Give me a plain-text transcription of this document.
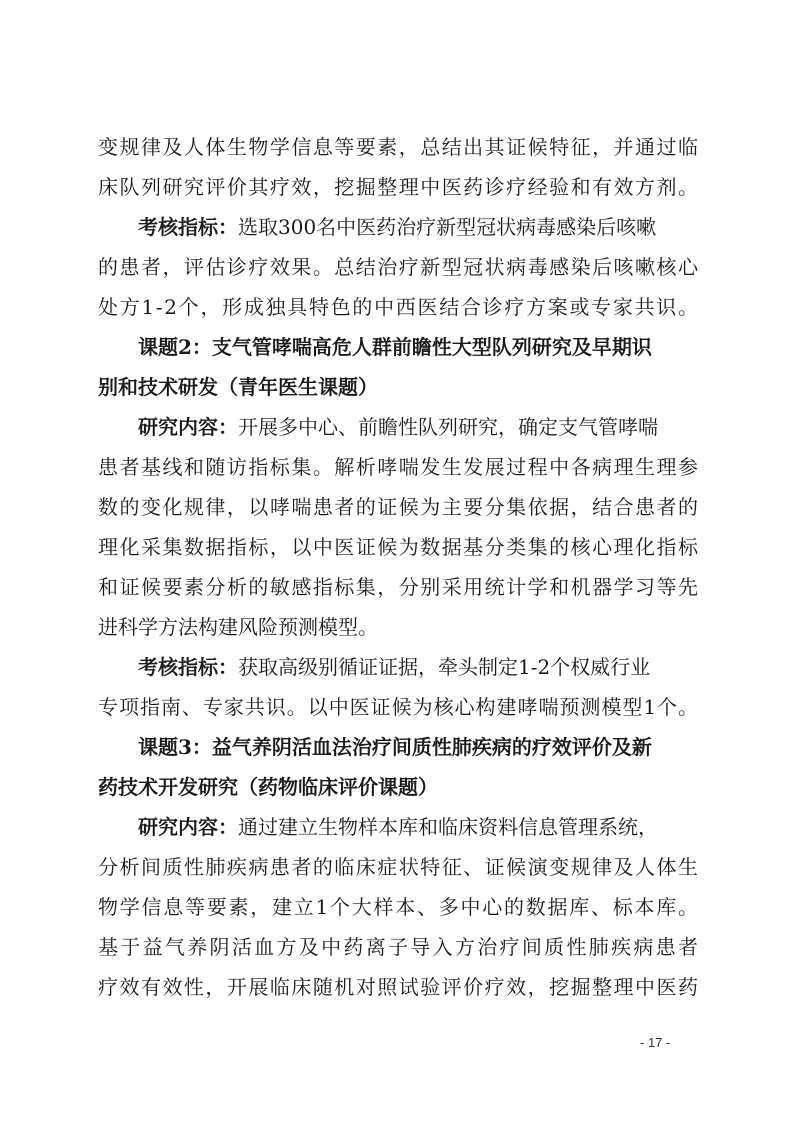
变规律及人体生物学信息等要素，总结出其证候特征，并通过临
床队列研究评价其疗效，挖掘整理中医药诊疗经验和有效方剂。
考核指标： 选取300名中医药治疗新型冠状病毒感染后咳嗽
的患者，评估诊疗效果。总结治疗新型冠状病毒感染后咳嗽核心
处方1-2个，形成独具特色的中西医结合诊疗方案或专家共识。
课题2：支气管哮喘高危人群前瞻性大型队列研究及早期识
别和技术研发（青年医生课题）
研究内容： 开展多中心、前瞻性队列研究，确定支气管哮喘
患者基线和随访指标集。解析哮喘发生发展过程中各病理生理参
数的变化规律，以哮喘患者的证候为主要分集依据，结合患者的
理化采集数据指标，以中医证候为数据基分类集的核心理化指标
和证候要素分析的敏感指标集，分别采用统计学和机器学习等先
进科学方法构建风险预测模型。
考核指标： 获取高级别循证证据，牵头制定1-2个权威行业
专项指南、专家共识。以中医证候为核心构建哮喘预测模型1个。
课题3：益气养阴活血法治疗间质性肺疾病的疗效评价及新
药技术开发研究（药物临床评价课题）
研究内容： 通过建立生物样本库和临床资料信息管理系统，
分析间质性肺疾病患者的临床症状特征、证候演变规律及人体生
物学信息等要素，建立1个大样本、多中心的数据库、标本库。
基于益气养阴活血方及中药离子导入方治疗间质性肺疾病患者
疗效有效性，开展临床随机对照试验评价疗效，挖掘整理中医药
- 17 -
